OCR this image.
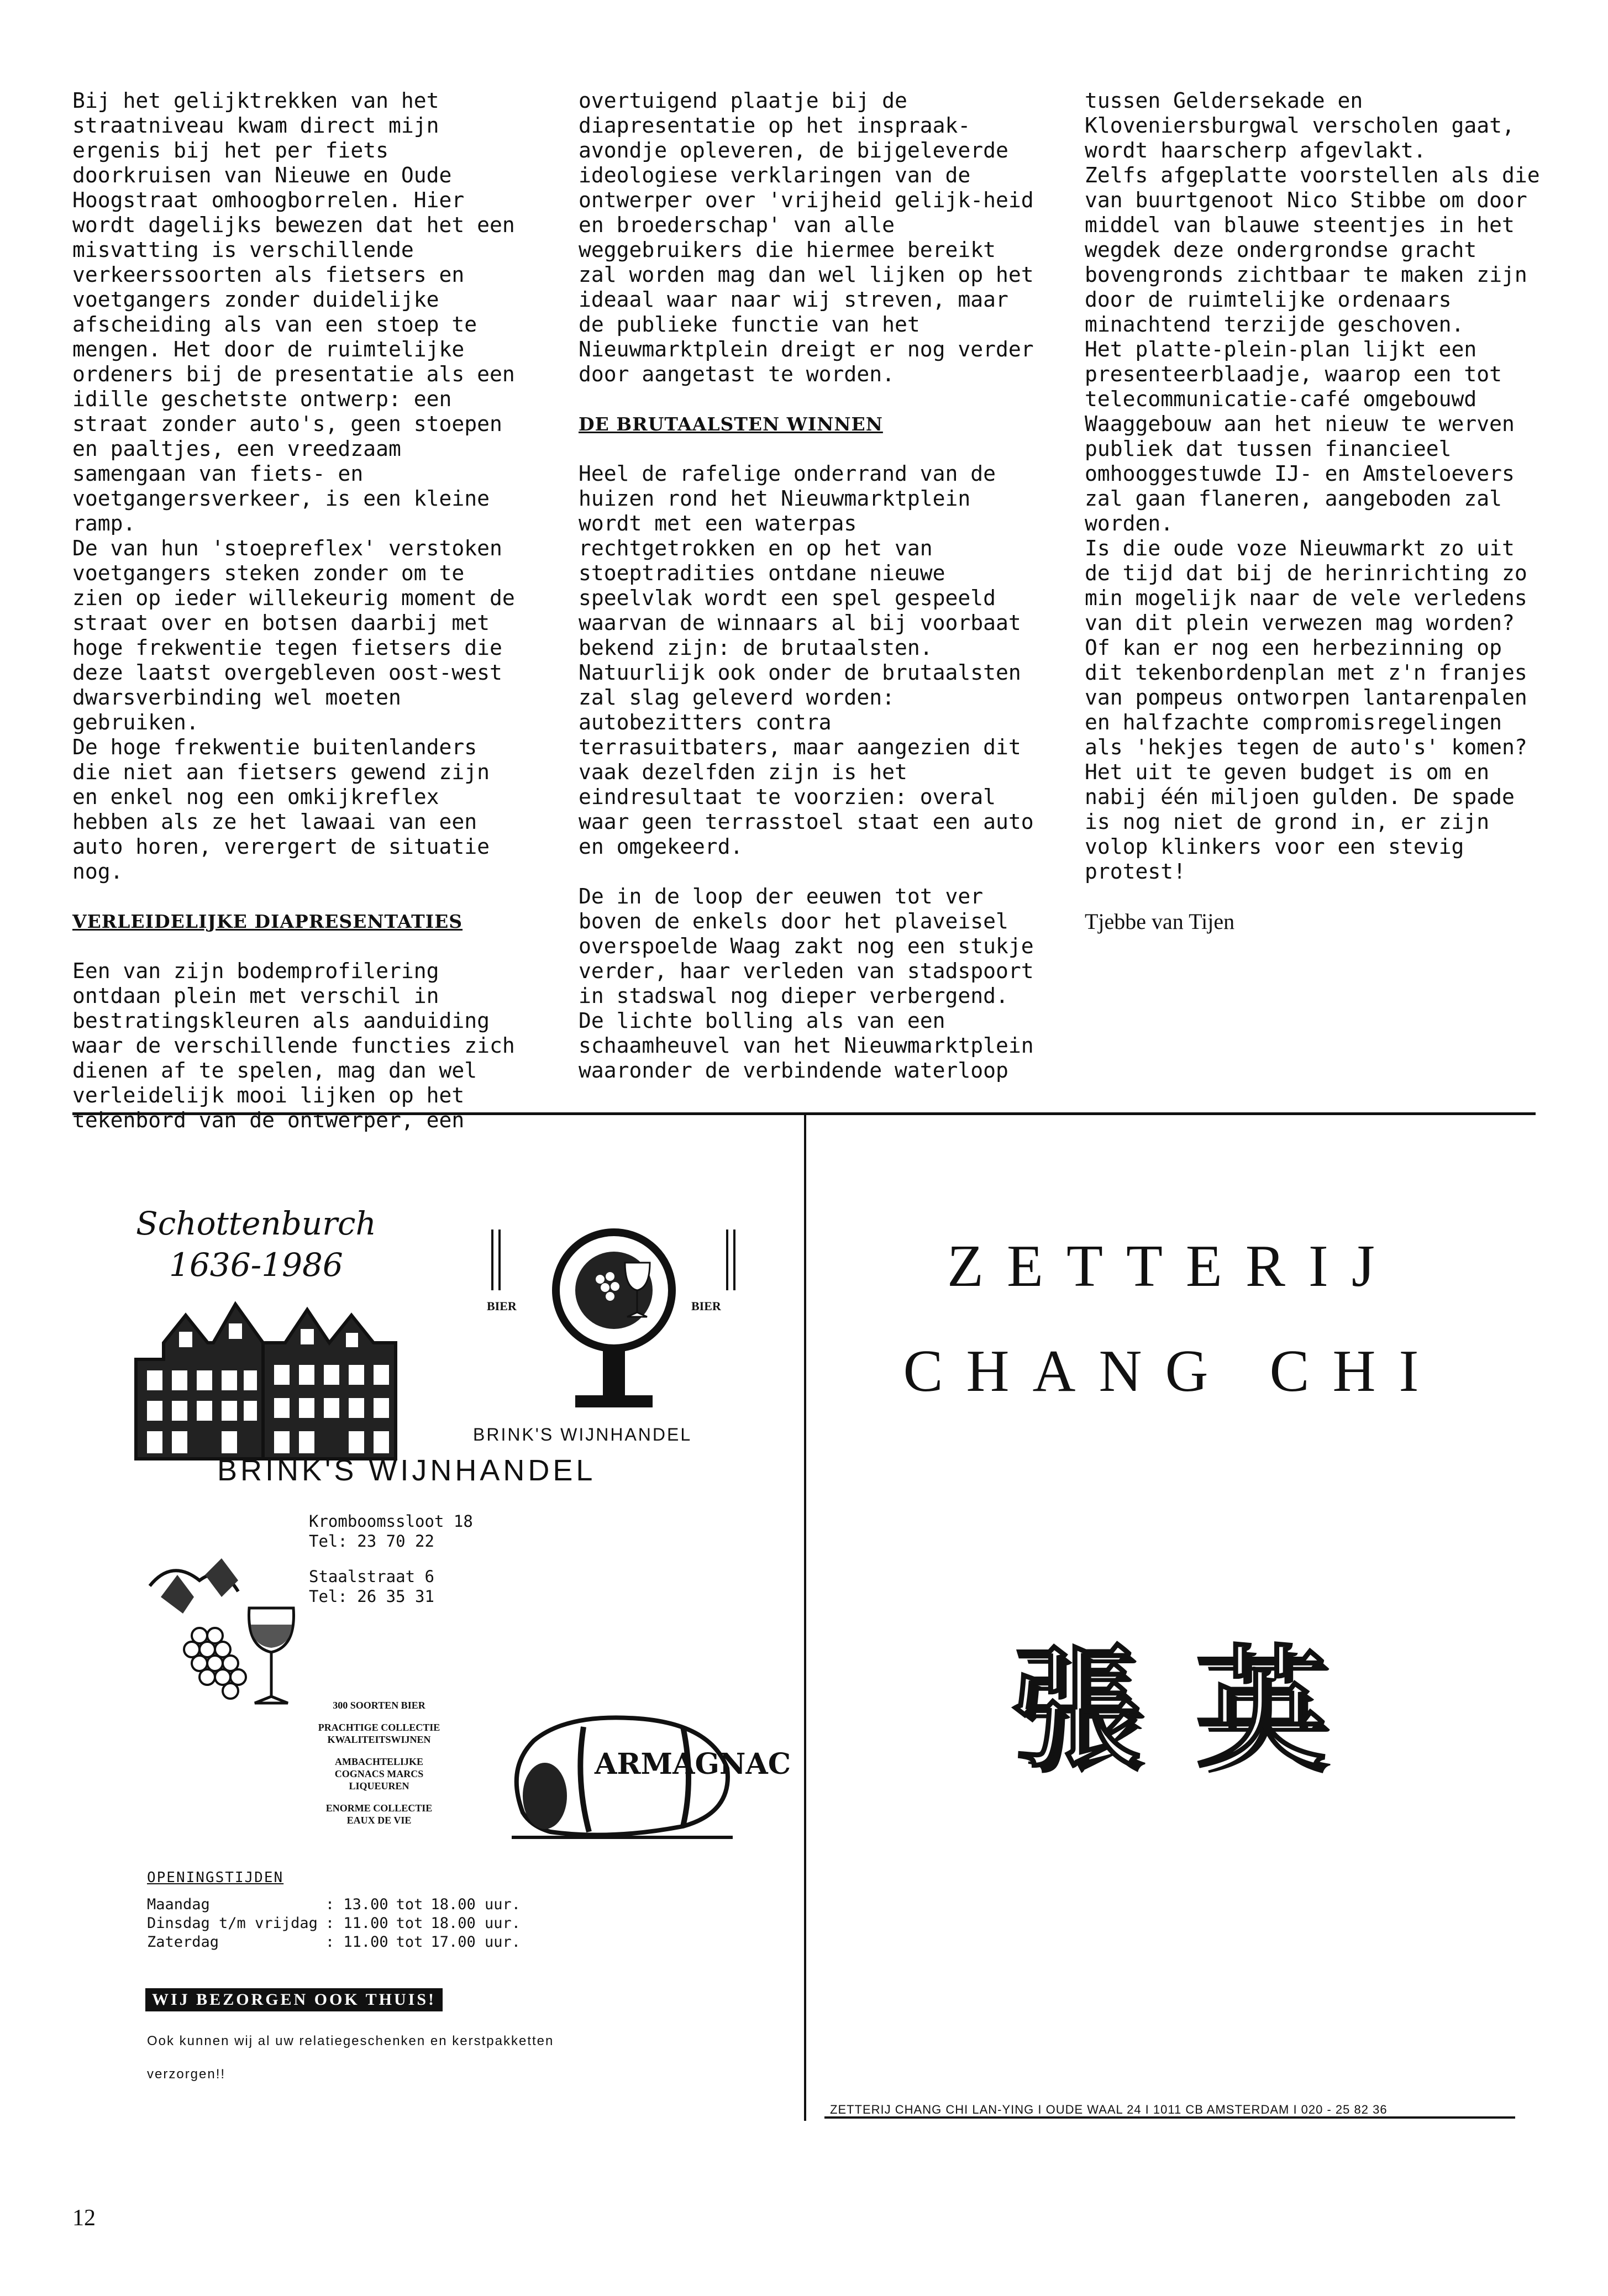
Bij het gelijktrekken van het straatniveau kwam direct mijn ergenis bij het per fiets doorkruisen van Nieuwe en Oude Hoogstraat omhoogborrelen. Hier wordt dagelijks bewezen dat het een misvatting is verschillende verkeerssoorten als fietsers en voetgangers zonder duidelijke afscheiding als van een stoep te mengen. Het door de ruimtelijke ordeners bij de presentatie als een idille geschetste ontwerp: een straat zonder auto's, geen stoepen en paaltjes, een vreedzaam samengaan van fiets- en voetgangersverkeer, is een kleine ramp.

De van hun 'stoepreflex' verstoken voetgangers steken zonder om te zien op ieder willekeurig moment de straat over en botsen daarbij met hoge frekwentie tegen fietsers die deze laatst overgebleven oost-west dwarsverbinding wel moeten gebruiken.

De hoge frekwentie buitenlanders die niet aan fietsers gewend zijn en enkel nog een omkijkreflex hebben als ze het lawaai van een auto horen, verergert de situatie nog.

VERLEIDELIJKE DIAPRESENTATIES

Een van zijn bodemprofilering ontdaan plein met verschil in bestratingskleuren als aanduiding waar de verschillende functies zich dienen af te spelen, mag dan wel verleidelijk mooi lijken op het tekenbord van de ontwerper, een

overtuigend plaatje bij de diapresentatie op het inspraak-avondje opleveren, de bijgeleverde ideologiese verklaringen van de ontwerper over 'vrijheid gelijk-heid en broederschap' van alle weggebruikers die hiermee bereikt zal worden mag dan wel lijken op het ideaal waar naar wij streven, maar de publieke functie van het Nieuwmarktplein dreigt er nog verder door aangetast te worden.

DE BRUTAALSTEN WINNEN

Heel de rafelige onderrand van de huizen rond het Nieuwmarktplein wordt met een waterpas rechtgetrokken en op het van stoeptradities ontdane nieuwe speelvlak wordt een spel gespeeld waarvan de winnaars al bij voorbaat bekend zijn: de brutaalsten.

Natuurlijk ook onder de brutaalsten zal slag geleverd worden: autobezitters contra terrasuitbaters, maar aangezien dit vaak dezelfden zijn is het eindresultaat te voorzien: overal waar geen terrasstoel staat een auto en omgekeerd.

De in de loop der eeuwen tot ver boven de enkels door het plaveisel overspoelde Waag zakt nog een stukje verder, haar verleden van stadspoort in stadswal nog dieper verbergend.

De lichte bolling als van een schaamheuvel van het Nieuwmarktplein waaronder de verbindende waterloop

tussen Geldersekade en Kloveniersburgwal verscholen gaat, wordt haarscherp afgevlakt.

Zelfs afgeplatte voorstellen als die van buurtgenoot Nico Stibbe om door middel van blauwe steentjes in het wegdek deze ondergrondse gracht bovengronds zichtbaar te maken zijn door de ruimtelijke ordenaars minachtend terzijde geschoven.

Het platte-plein-plan lijkt een presenteerblaadje, waarop een tot telecommunicatie-café omgebouwd Waaggebouw aan het nieuw te werven publiek dat tussen financieel omhooggestuwde IJ- en Amsteloevers zal gaan flaneren, aangeboden zal worden.

Is die oude voze Nieuwmarkt zo uit de tijd dat bij de herinrichting zo min mogelijk naar de vele verledens van dit plein verwezen mag worden?

Of kan er nog een herbezinning op dit tekenbordenplan met z'n franjes van pompeus ontworpen lantarenpalen en halfzachte compromisregelingen als 'hekjes tegen de auto's' komen?

Het uit te geven budget is om en nabij één miljoen gulden. De spade is nog niet de grond in, er zijn volop klinkers voor een stevig protest!

Tjebbe van Tijen

Schottenburch
1636-1986
BIER	BIER
BRINK'S WIJNHANDEL
BRINK'S WIJNHANDEL
Kromboomssloot 18
Tel: 23 70 22
Staalstraat 6
Tel: 26 35 31
300 SOORTEN BIER
PRACHTIGE COLLECTIE KWALITEITSWIJNEN
AMBACHTELIJKE COGNACS MARCS LIQUEUREN
ENORME COLLECTIE EAUX DE VIE
ARMAGNAC
OPENINGSTIJDEN
Maandag	: 13.00	tot	18.00 uur.
Dinsdag t/m vrijdag	: 11.00	tot	18.00 uur.
Zaterdag	: 11.00	tot	17.00 uur.
WIJ BEZORGEN OOK THUIS!
Ook kunnen wij al uw relatiegeschenken en kerstpakketten
verzorgen!!
ZETTERIJ
CHANG CHI
張 英
ZETTERIJ CHANG CHI LAN-YING I OUDE WAAL 24 I 1011 CB AMSTERDAM I 020 - 25 82 36
12
